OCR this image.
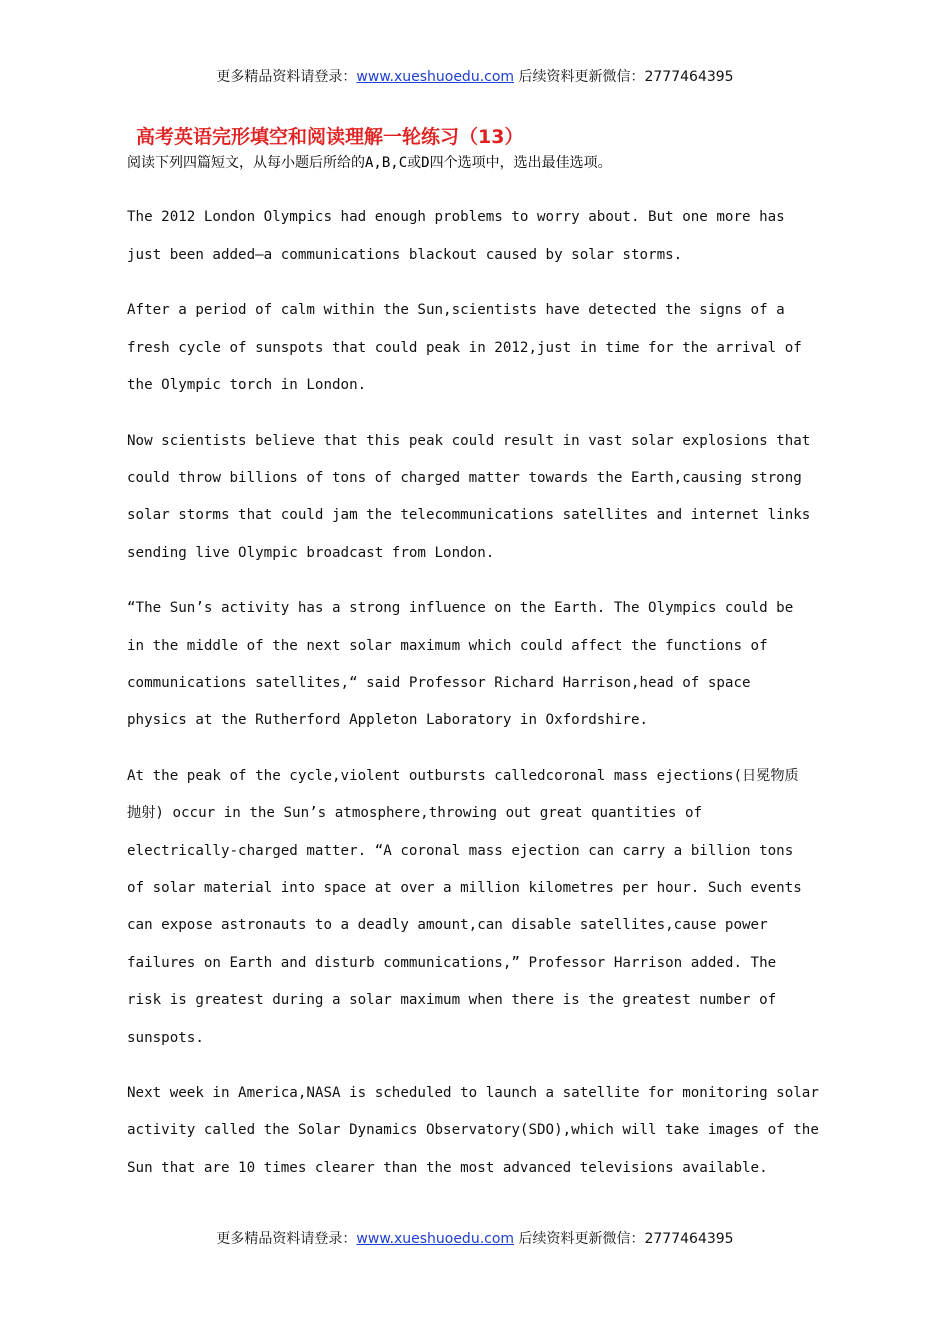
更多精品资料请登录：www.xueshuoedu.com 后续资料更新微信：2777464395
高考英语完形填空和阅读理解一轮练习（13）
阅读下列四篇短文，从每小题后所给的A,B,C或D四个选项中，选出最佳选项。
The 2012 London Olympics had enough problems to worry about. But one more has
just been added—a communications blackout caused by solar storms.
After a period of calm within the Sun,scientists have detected the signs of a
fresh cycle of sunspots that could peak in 2012,just in time for the arrival of
the Olympic torch in London.
Now scientists believe that this peak could result in vast solar explosions that
could throw billions of tons of charged matter towards the Earth,causing strong
solar storms that could jam the telecommunications satellites and internet links
sending live Olympic broadcast from London.
“The Sun’s activity has a strong influence on the Earth. The Olympics could be
in the middle of the next solar maximum which could affect the functions of
communications satellites,“ said Professor Richard Harrison,head of space
physics at the Rutherford Appleton Laboratory in Oxfordshire.
At the peak of the cycle,violent outbursts calledcoronal mass ejections(日冕物质
抛射) occur in the Sun’s atmosphere,throwing out great quantities of
electrically-charged matter. “A coronal mass ejection can carry a billion tons
of solar material into space at over a million kilometres per hour. Such events
can expose astronauts to a deadly amount,can disable satellites,cause power
failures on Earth and disturb communications,” Professor Harrison added. The
risk is greatest during a solar maximum when there is the greatest number of
sunspots.
Next week in America,NASA is scheduled to launch a satellite for monitoring solar
activity called the Solar Dynamics Observatory(SDO),which will take images of the
Sun that are 10 times clearer than the most advanced televisions available.
更多精品资料请登录：www.xueshuoedu.com 后续资料更新微信：2777464395
